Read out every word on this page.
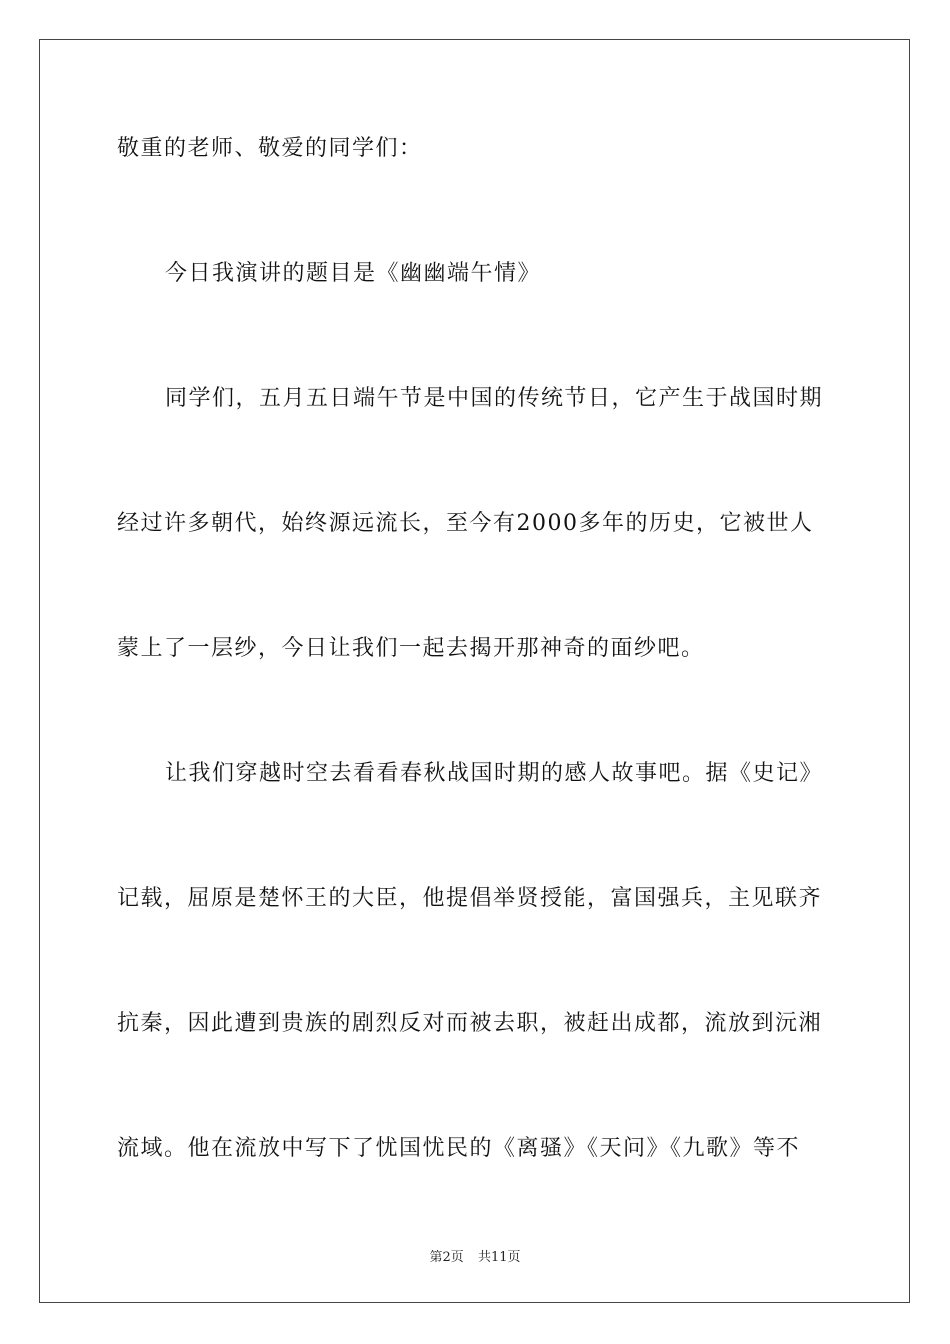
敬重的老师、敬爱的同学们：
今日我演讲的题目是《幽幽端午情》
同学们，五月五日端午节是中国的传统节日，它产生于战国时期
经过许多朝代，始终源远流长，至今有2000多年的历史，它被世人
蒙上了一层纱，今日让我们一起去揭开那神奇的面纱吧。
让我们穿越时空去看看春秋战国时期的感人故事吧。据《史记》
记载，屈原是楚怀王的大臣，他提倡举贤授能，富国强兵，主见联齐
抗秦，因此遭到贵族的剧烈反对而被去职，被赶出成都，流放到沅湘
流域。他在流放中写下了忧国忧民的《离骚》《天问》《九歌》等不
第2页 共11页
